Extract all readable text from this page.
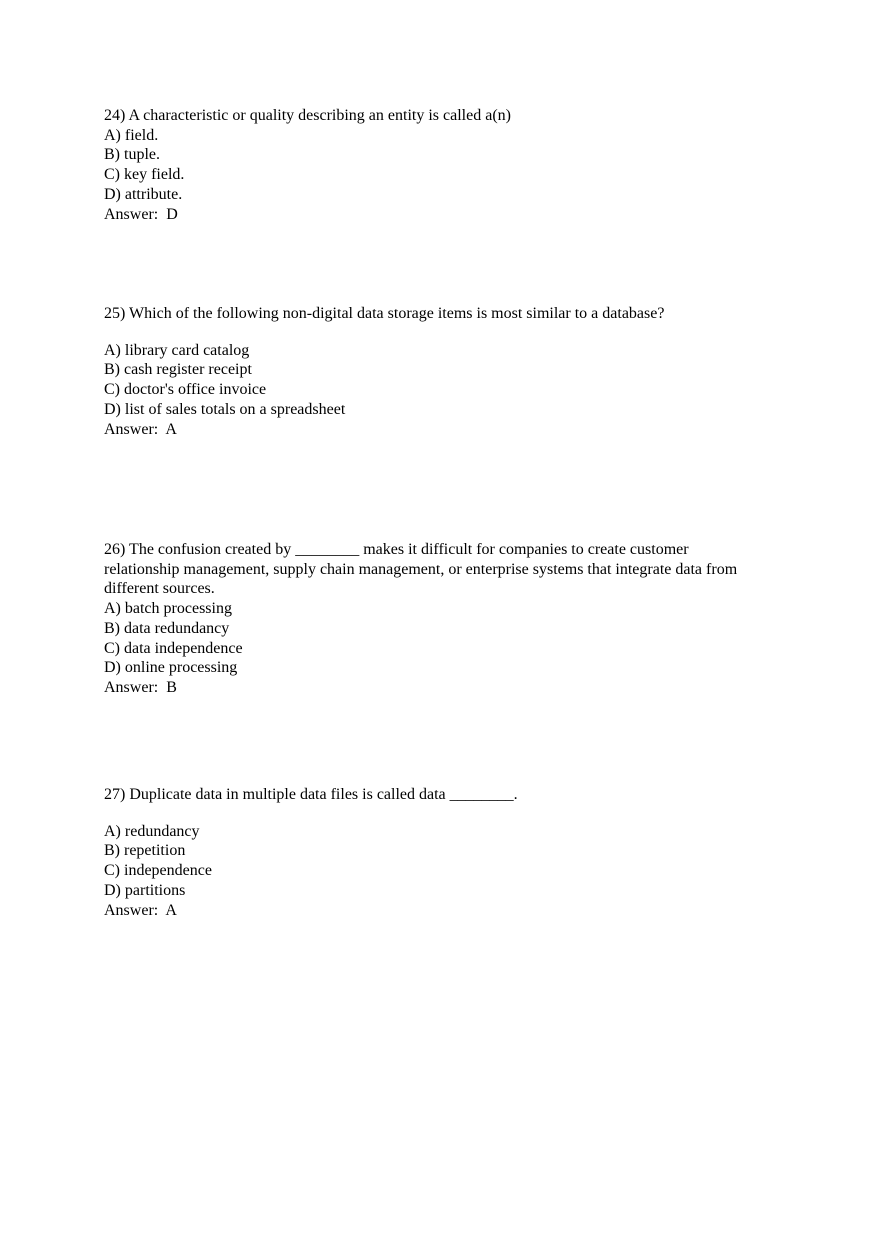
24) A characteristic or quality describing an entity is called a(n)
A) field.
B) tuple.
C) key field.
D) attribute.
Answer:  D
25) Which of the following non-digital data storage items is most similar to a database?
A) library card catalog
B) cash register receipt
C) doctor's office invoice
D) list of sales totals on a spreadsheet
Answer:  A
26) The confusion created by ________ makes it difficult for companies to create customer relationship management, supply chain management, or enterprise systems that integrate data from different sources.
A) batch processing
B) data redundancy
C) data independence
D) online processing
Answer:  B
27) Duplicate data in multiple data files is called data ________.
A) redundancy
B) repetition
C) independence
D) partitions
Answer:  A
